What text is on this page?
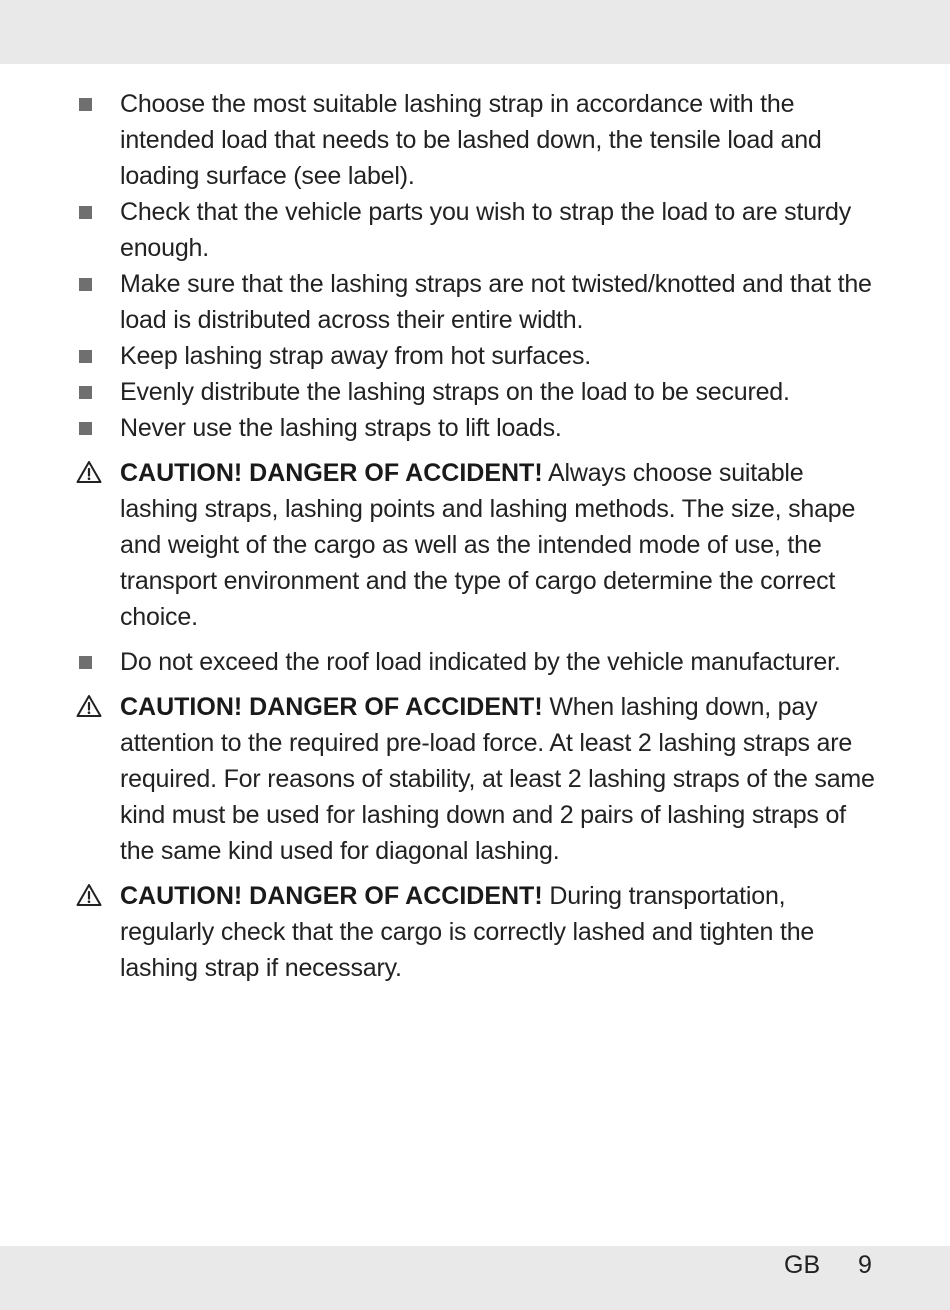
Choose the most suitable lashing strap in accordance with the intended load that needs to be lashed down, the tensile load and loading surface (see label).
Check that the vehicle parts you wish to strap the load to are sturdy enough.
Make sure that the lashing straps are not twisted/knotted and that the load is distributed across their entire width.
Keep lashing strap away from hot surfaces.
Evenly distribute the lashing straps on the load to be secured.
Never use the lashing straps to lift loads.
CAUTION! DANGER OF ACCIDENT! Always choose suitable lashing straps, lashing points and lashing methods. The size, shape and weight of the cargo as well as the intended mode of use, the transport environment and the type of cargo determine the correct choice.
Do not exceed the roof load indicated by the vehicle manufacturer.
CAUTION! DANGER OF ACCIDENT! When lashing down, pay attention to the required pre-load force. At least 2 lashing straps are required. For reasons of stability, at least 2 lashing straps of the same kind must be used for lashing down and 2 pairs of lashing straps of the same kind used for diagonal lashing.
CAUTION! DANGER OF ACCIDENT! During transportation, regularly check that the cargo is correctly lashed and tighten the lashing strap if necessary.
GB 9
